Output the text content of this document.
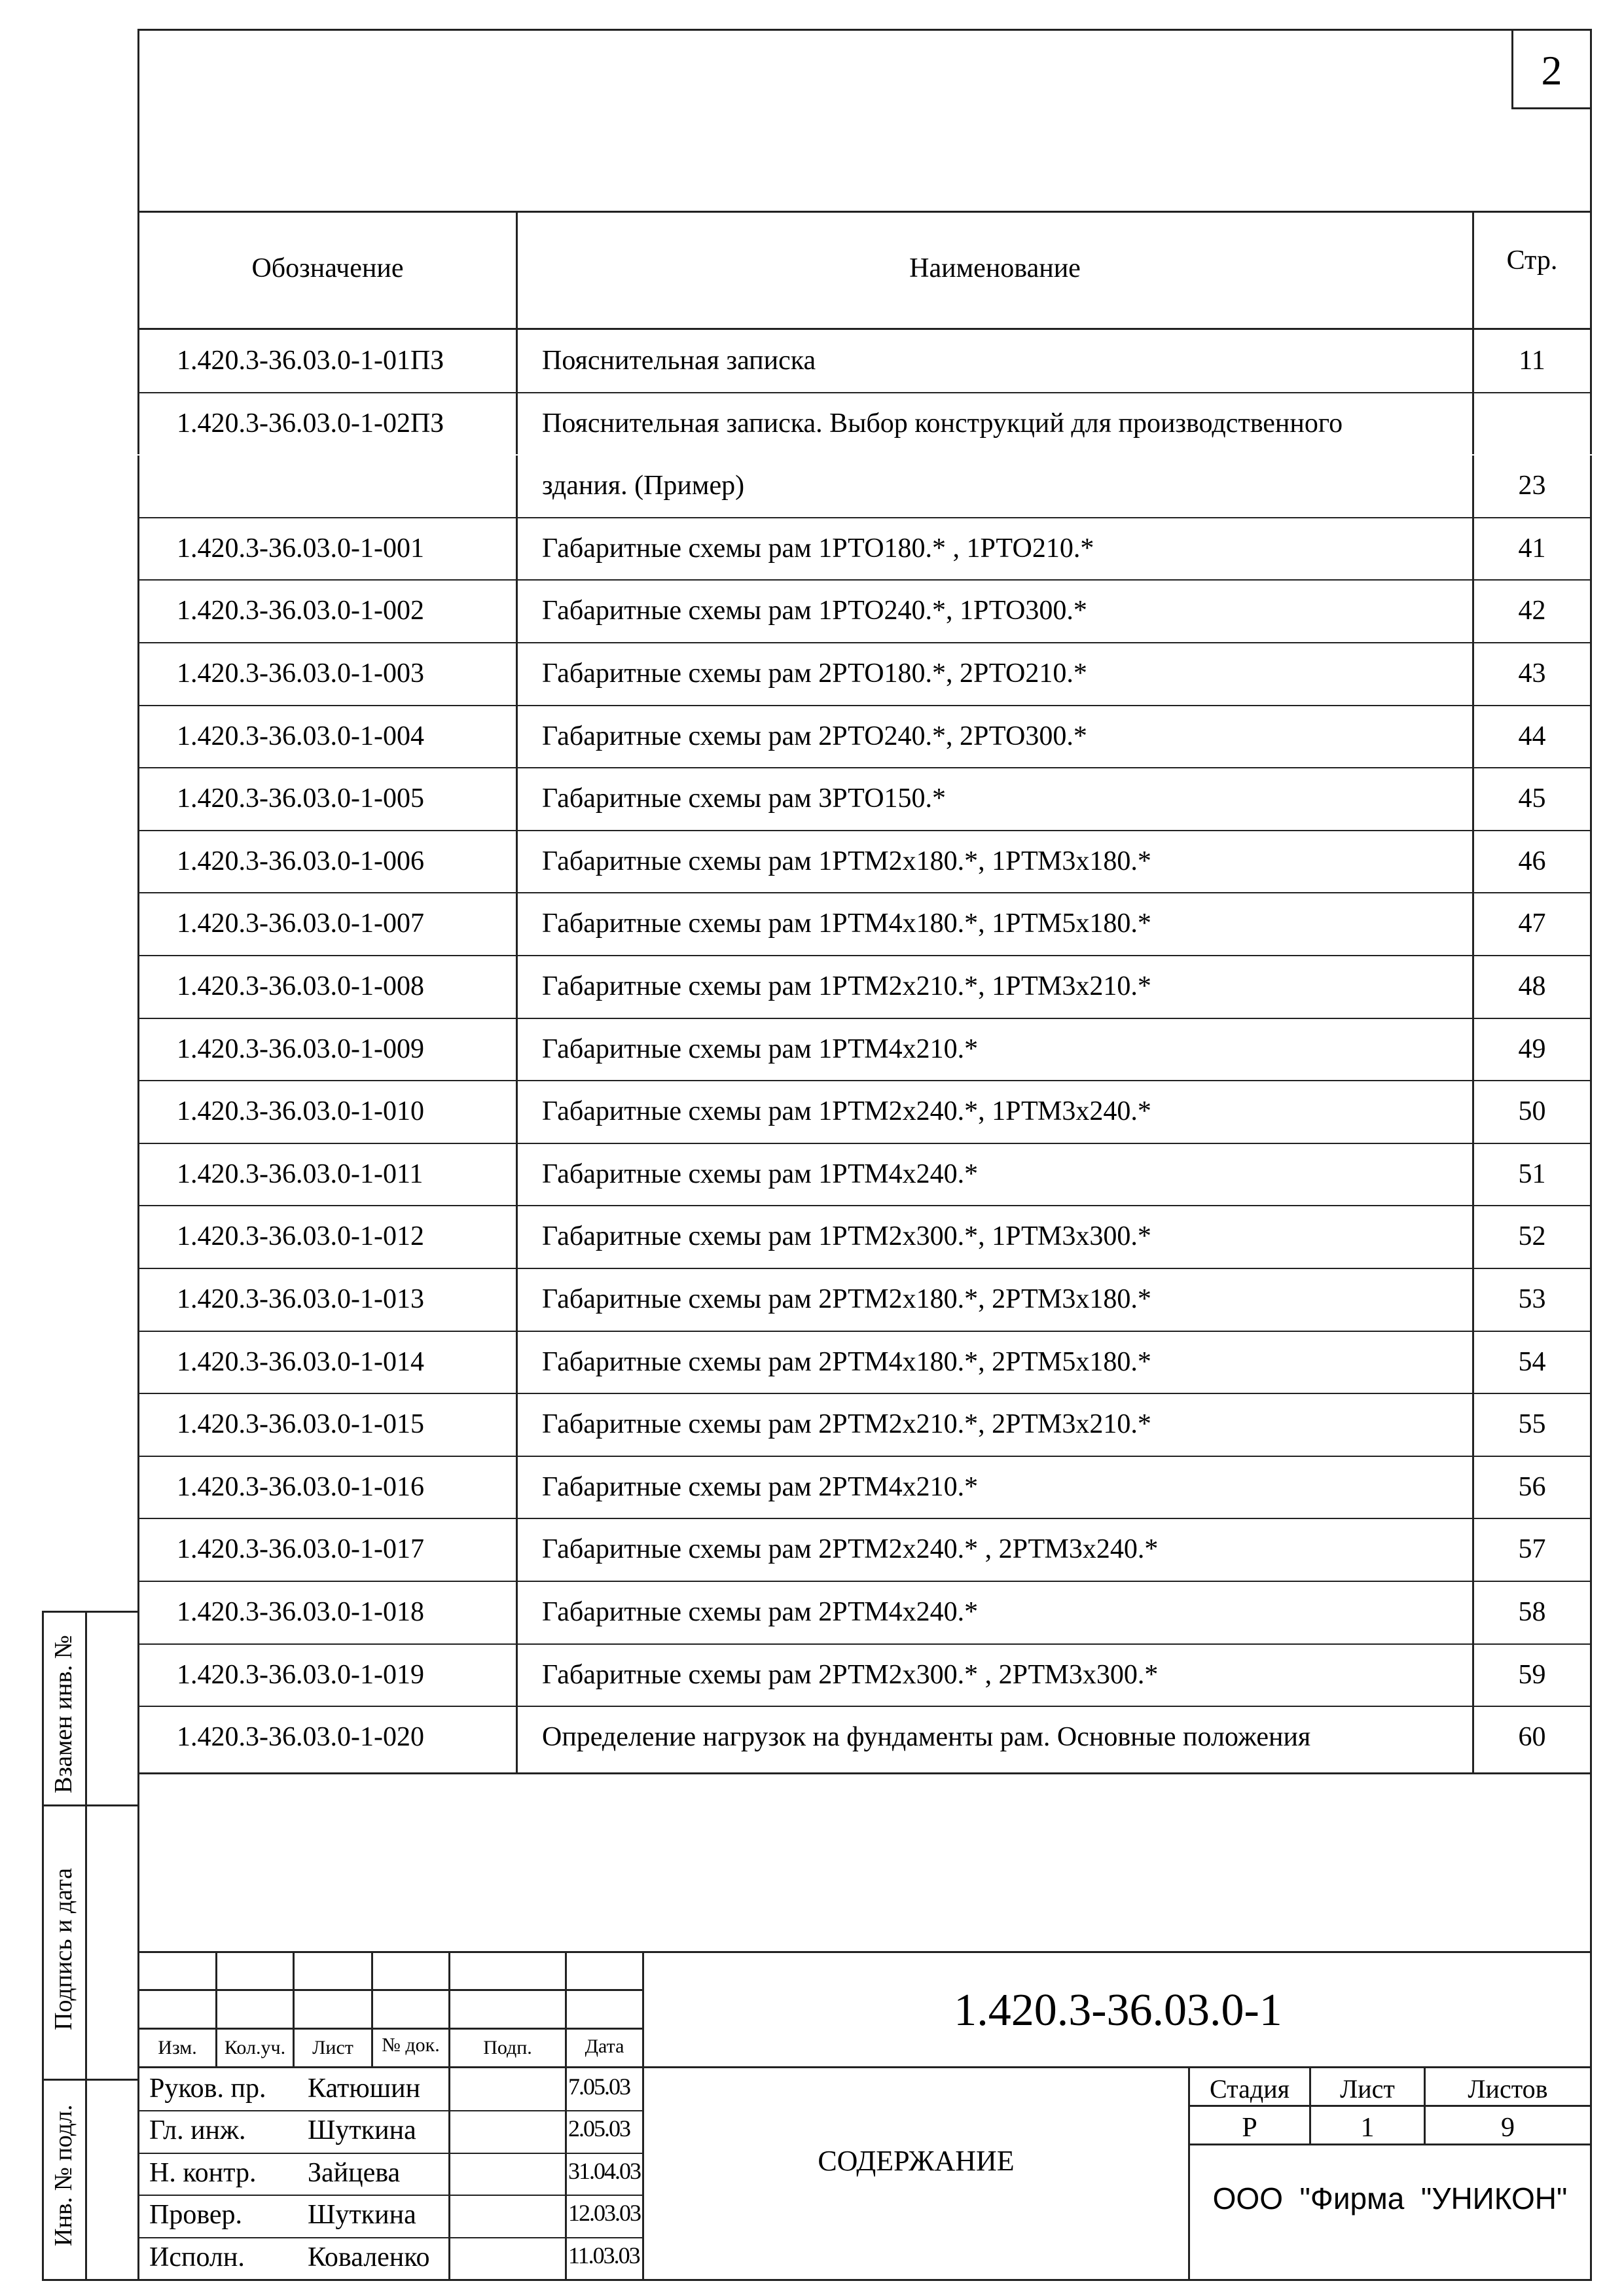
2
Обозначение	Наименование	Стр.
1.420.3-36.03.0-1-01ПЗ	Пояснительная записка	11
1.420.3-36.03.0-1-02ПЗ	Пояснительная записка. Выбор конструкций для производственного
здания. (Пример)	23
1.420.3-36.03.0-1-001	Габаритные схемы рам 1РТО180.* , 1РТО210.*	41
1.420.3-36.03.0-1-002	Габаритные схемы рам 1РТО240.*, 1РТО300.*	42
1.420.3-36.03.0-1-003	Габаритные схемы рам 2РТО180.*, 2РТО210.*	43
1.420.3-36.03.0-1-004	Габаритные схемы рам 2РТО240.*, 2РТО300.*	44
1.420.3-36.03.0-1-005	Габаритные схемы рам 3РТО150.*	45
1.420.3-36.03.0-1-006	Габаритные схемы рам 1РТМ2х180.*, 1РТМ3х180.*	46
1.420.3-36.03.0-1-007	Габаритные схемы рам 1РТМ4х180.*, 1РТМ5х180.*	47
1.420.3-36.03.0-1-008	Габаритные схемы рам 1РТМ2х210.*, 1РТМ3х210.*	48
1.420.3-36.03.0-1-009	Габаритные схемы рам 1РТМ4х210.*	49
1.420.3-36.03.0-1-010	Габаритные схемы рам 1РТМ2х240.*, 1РТМ3х240.*	50
1.420.3-36.03.0-1-011	Габаритные схемы рам 1РТМ4х240.*	51
1.420.3-36.03.0-1-012	Габаритные схемы рам 1РТМ2х300.*, 1РТМ3х300.*	52
1.420.3-36.03.0-1-013	Габаритные схемы рам 2РТМ2х180.*, 2РТМ3х180.*	53
1.420.3-36.03.0-1-014	Габаритные схемы рам 2РТМ4х180.*, 2РТМ5х180.*	54
1.420.3-36.03.0-1-015	Габаритные схемы рам 2РТМ2х210.*, 2РТМ3х210.*	55
1.420.3-36.03.0-1-016	Габаритные схемы рам 2РТМ4х210.*	56
1.420.3-36.03.0-1-017	Габаритные схемы рам 2РТМ2х240.* , 2РТМ3х240.*	57
1.420.3-36.03.0-1-018	Габаритные схемы рам 2РТМ4х240.*	58
1.420.3-36.03.0-1-019	Габаритные схемы рам 2РТМ2х300.* , 2РТМ3х300.*	59
1.420.3-36.03.0-1-020	Определение нагрузок на фундаменты рам. Основные положения	60
Взамен инв. №
Подпись и дата
Инв. № подл.
Изм.	Кол.уч.	Лист	№ док.	Подп.	Дата
1.420.3-36.03.0-1
Руков. пр.	Катюшин	7.05.03
Гл. инж.	Шуткина	2.05.03
Н. контр.	Зайцева	31.04.03
Провер.	Шуткина	12.03.03
Исполн.	Коваленко	11.03.03
СОДЕРЖАНИЕ
Стадия	Лист	Листов
Р	1	9
ООО  "Фирма  "УНИКОН"
